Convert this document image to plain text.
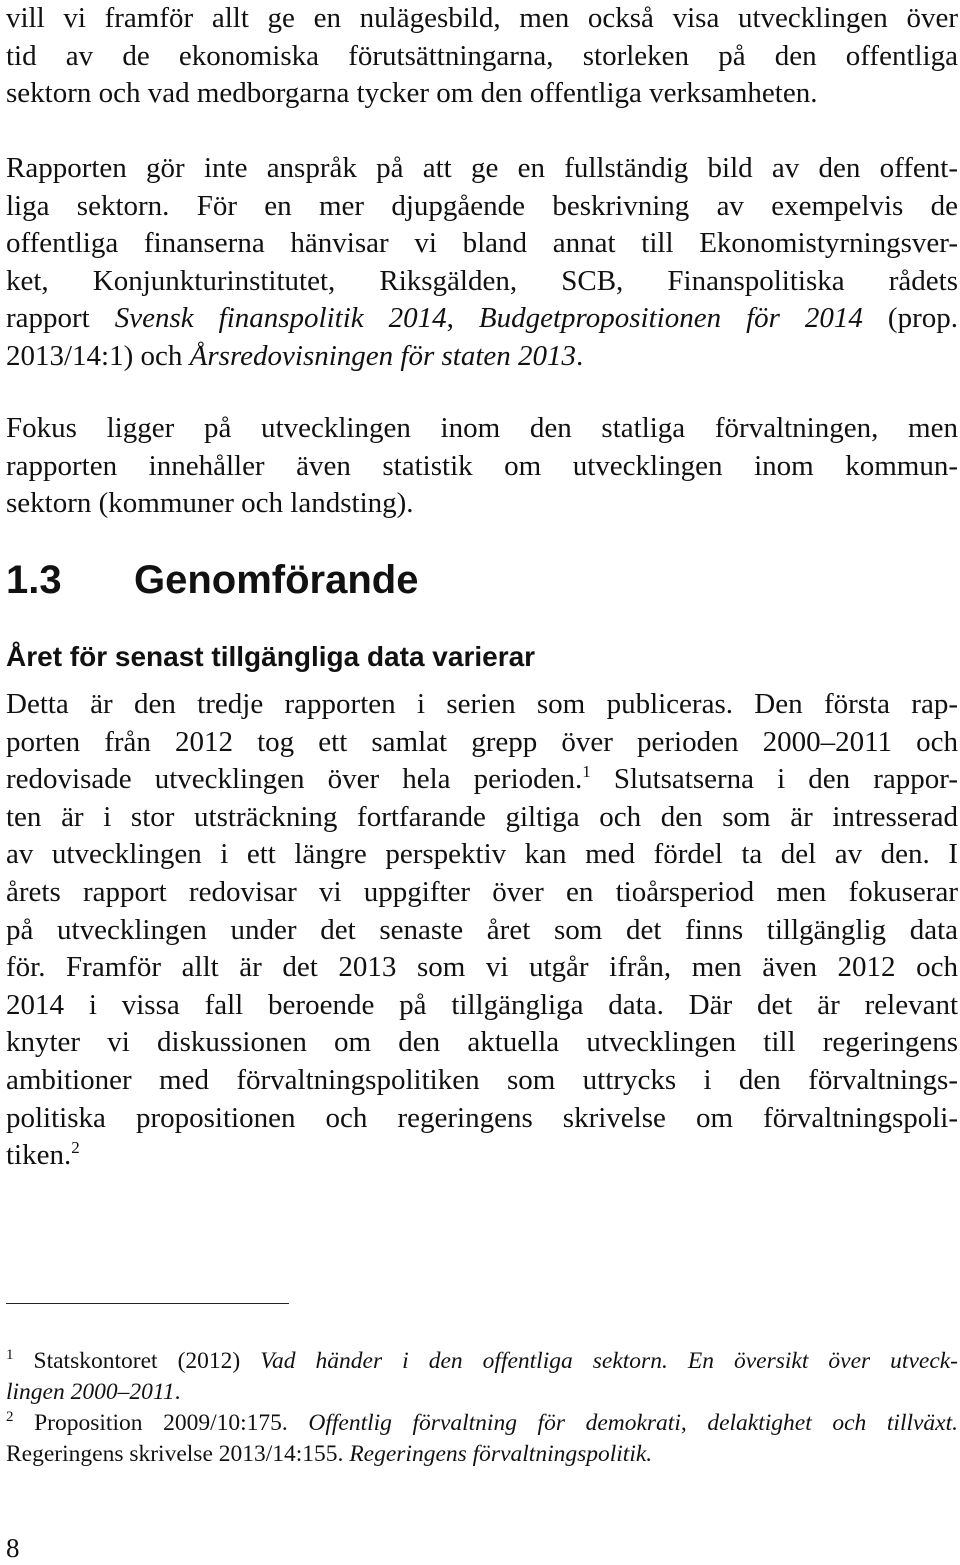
vill vi framför allt ge en nulägesbild, men också visa utvecklingen över
tid av de ekonomiska förutsättningarna, storleken på den offentliga
sektorn och vad medborgarna tycker om den offentliga verksamheten.
Rapporten gör inte anspråk på att ge en fullständig bild av den offent-
liga sektorn. För en mer djupgående beskrivning av exempelvis de
offentliga finanserna hänvisar vi bland annat till Ekonomistyrningsver-
ket, Konjunkturinstitutet, Riksgälden, SCB, Finanspolitiska rådets
rapport Svensk finanspolitik 2014, Budgetpropositionen för 2014 (prop.
2013/14:1) och Årsredovisningen för staten 2013.
Fokus ligger på utvecklingen inom den statliga förvaltningen, men
rapporten innehåller även statistik om utvecklingen inom kommun-
sektorn (kommuner och landsting).
1.3 Genomförande
Året för senast tillgängliga data varierar
Detta är den tredje rapporten i serien som publiceras. Den första rap-
porten från 2012 tog ett samlat grepp över perioden 2000–2011 och
redovisade utvecklingen över hela perioden.$^1$ Slutsatserna i den rappor-
ten är i stor utsträckning fortfarande giltiga och den som är intresserad
av utvecklingen i ett längre perspektiv kan med fördel ta del av den. I
årets rapport redovisar vi uppgifter över en tioårsperiod men fokuserar
på utvecklingen under det senaste året som det finns tillgänglig data
för. Framför allt är det 2013 som vi utgår ifrån, men även 2012 och
2014 i vissa fall beroende på tillgängliga data. Där det är relevant
knyter vi diskussionen om den aktuella utvecklingen till regeringens
ambitioner med förvaltningspolitiken som uttrycks i den förvaltnings-
politiska propositionen och regeringens skrivelse om förvaltningspoli-
tiken.$^2$
$^1$ Statskontoret (2012) Vad händer i den offentliga sektorn. En översikt över utveck-
lingen 2000–2011.
$^2$ Proposition 2009/10:175. Offentlig förvaltning för demokrati, delaktighet och tillväxt.
Regeringens skrivelse 2013/14:155. Regeringens förvaltningspolitik.
8
